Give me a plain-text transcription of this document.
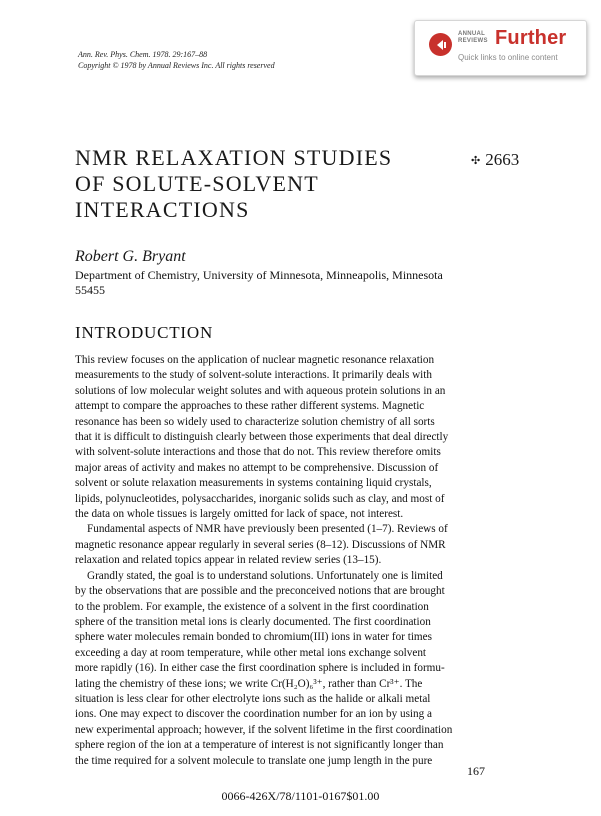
Ann. Rev. Phys. Chem. 1978. 29:167–88
Copyright © 1978 by Annual Reviews Inc. All rights reserved
ANNUAL
REVIEWS Further
Quick links to online content
NMR RELAXATION STUDIES
OF SOLUTE-SOLVENT
INTERACTIONS
✣ 2663
Robert G. Bryant
Department of Chemistry, University of Minnesota, Minneapolis, Minnesota
55455
INTRODUCTION
This review focuses on the application of nuclear magnetic resonance relaxation
measurements to the study of solvent-solute interactions. It primarily deals with
solutions of low molecular weight solutes and with aqueous protein solutions in an
attempt to compare the approaches to these rather different systems. Magnetic
resonance has been so widely used to characterize solution chemistry of all sorts
that it is difficult to distinguish clearly between those experiments that deal directly
with solvent-solute interactions and those that do not. This review therefore omits
major areas of activity and makes no attempt to be comprehensive. Discussion of
solvent or solute relaxation measurements in systems containing liquid crystals,
lipids, polynucleotides, polysaccharides, inorganic solids such as clay, and most of
the data on whole tissues is largely omitted for lack of space, not interest.
Fundamental aspects of NMR have previously been presented (1–7). Reviews of
magnetic resonance appear regularly in several series (8–12). Discussions of NMR
relaxation and related topics appear in related review series (13–15).
Grandly stated, the goal is to understand solutions. Unfortunately one is limited
by the observations that are possible and the preconceived notions that are brought
to the problem. For example, the existence of a solvent in the first coordination
sphere of the transition metal ions is clearly documented. The first coordination
sphere water molecules remain bonded to chromium(III) ions in water for times
exceeding a day at room temperature, while other metal ions exchange solvent
more rapidly (16). In either case the first coordination sphere is included in formu-
lating the chemistry of these ions; we write Cr(H₂O)₆³⁺, rather than Cr³⁺. The
situation is less clear for other electrolyte ions such as the halide or alkali metal
ions. One may expect to discover the coordination number for an ion by using a
new experimental approach; however, if the solvent lifetime in the first coordination
sphere region of the ion at a temperature of interest is not significantly longer than
the time required for a solvent molecule to translate one jump length in the pure
167
0066-426X/78/1101-0167$01.00
